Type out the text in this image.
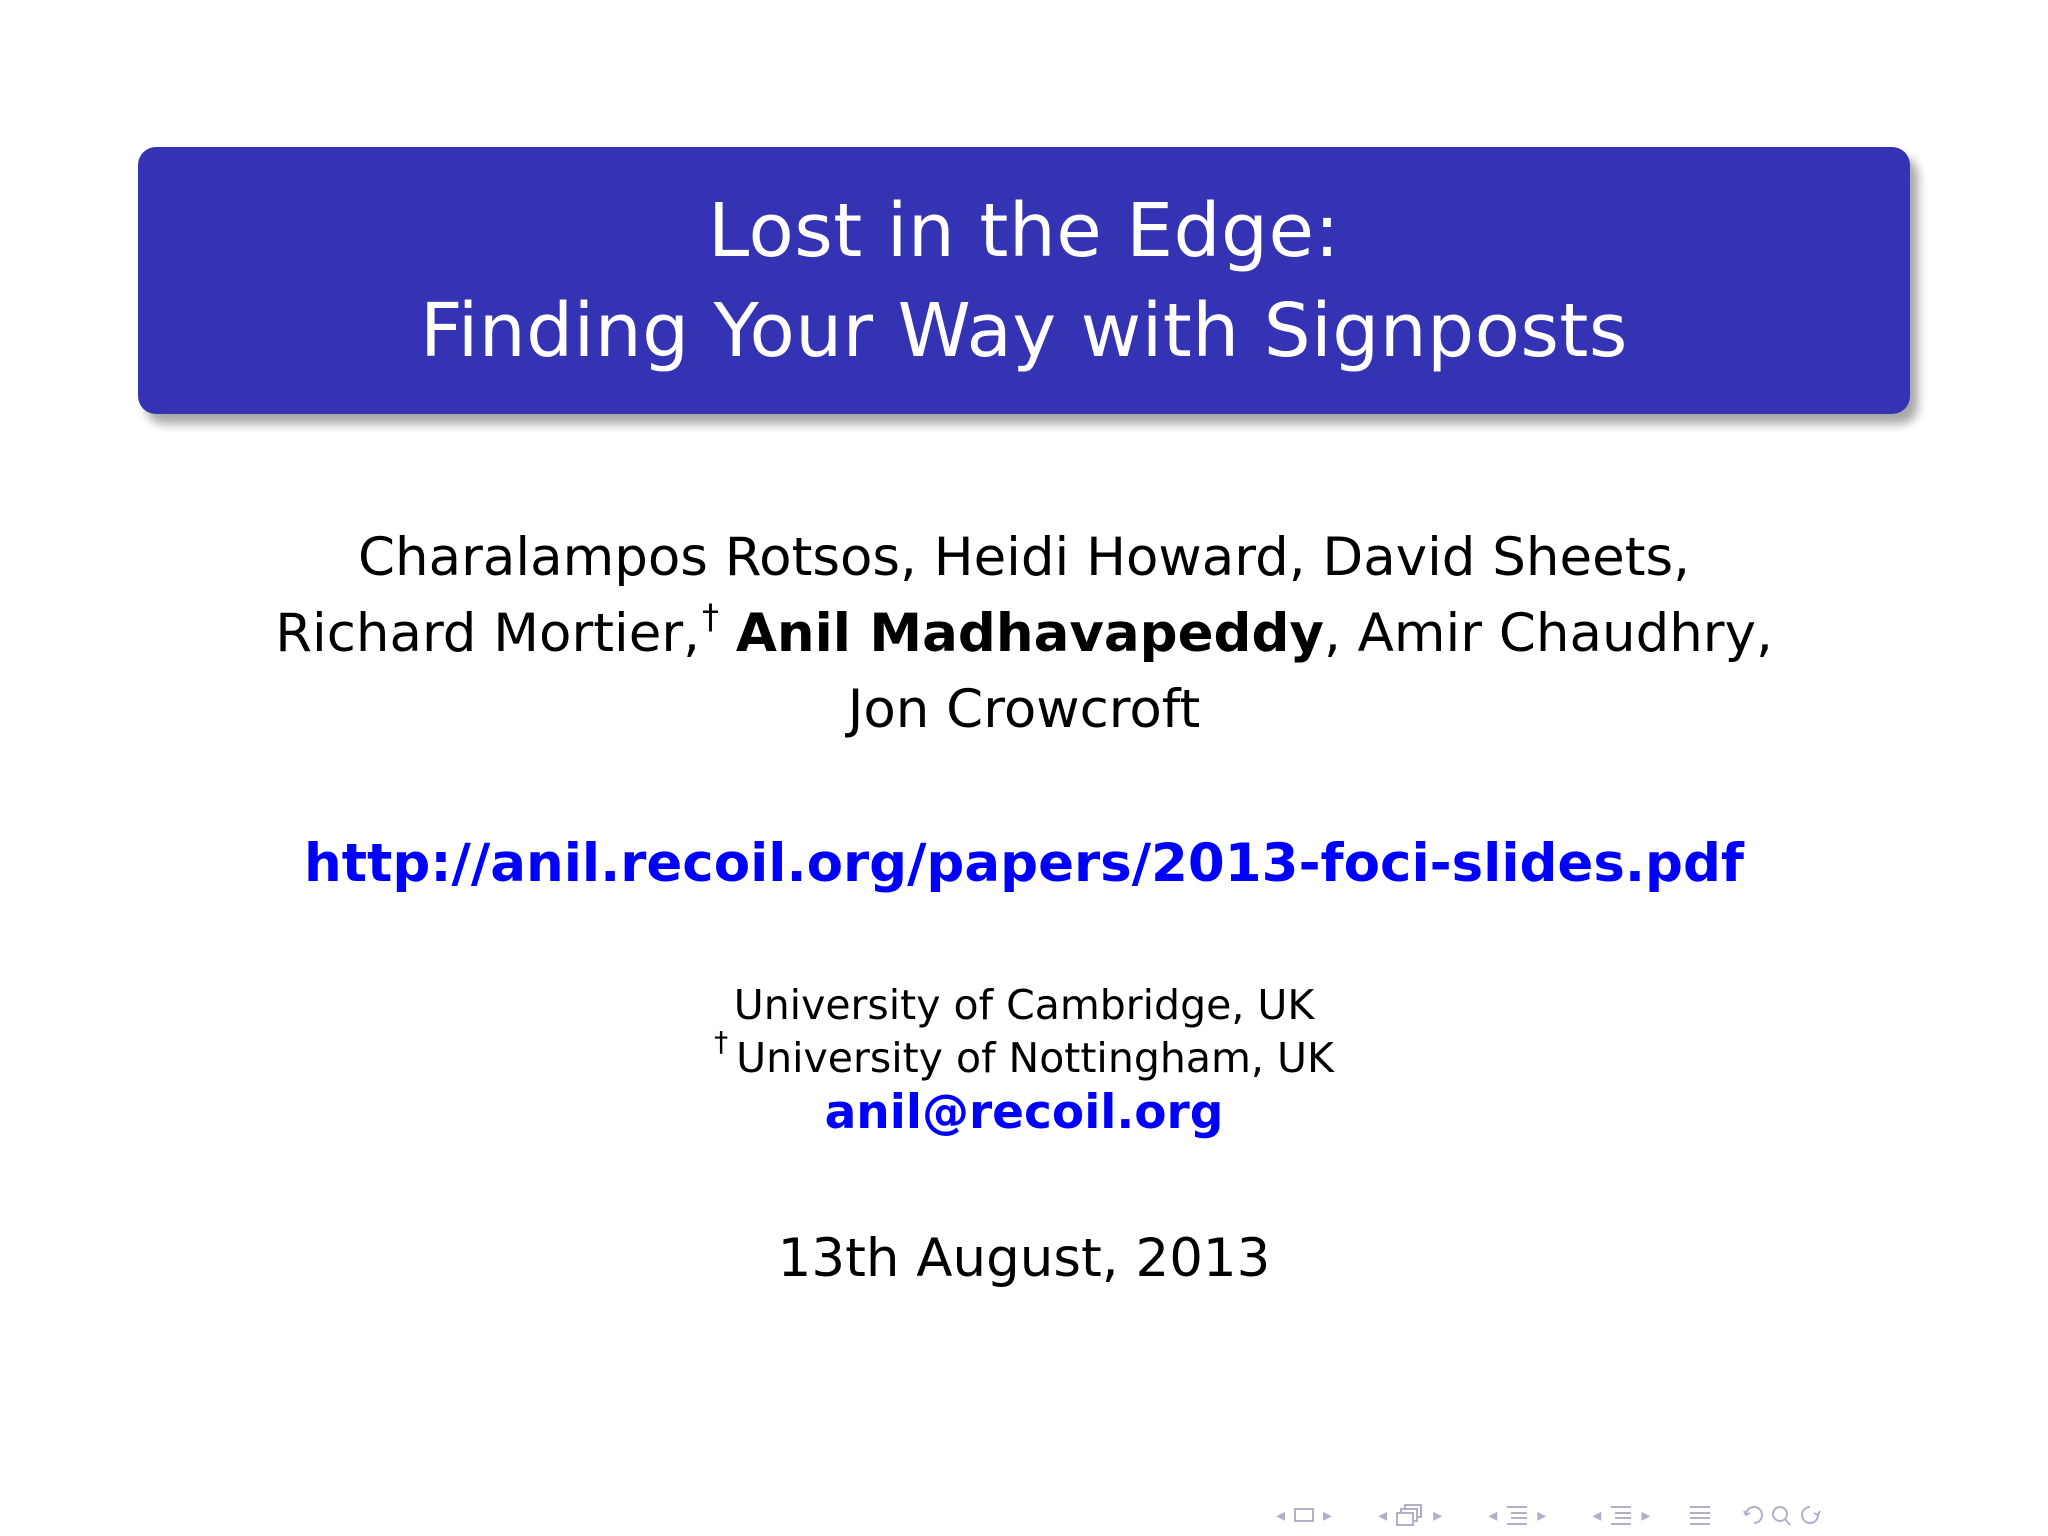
Lost in the Edge:
Finding Your Way with Signposts
Charalampos Rotsos, Heidi Howard, David Sheets,
Richard Mortier,† Anil Madhavapeddy, Amir Chaudhry,
Jon Crowcroft
http://anil.recoil.org/papers/2013-foci-slides.pdf
University of Cambridge, UK
† University of Nottingham, UK
anil@recoil.org
13th August, 2013
◂ ▸	◂	▸	◂ ▸	◂ ▸
